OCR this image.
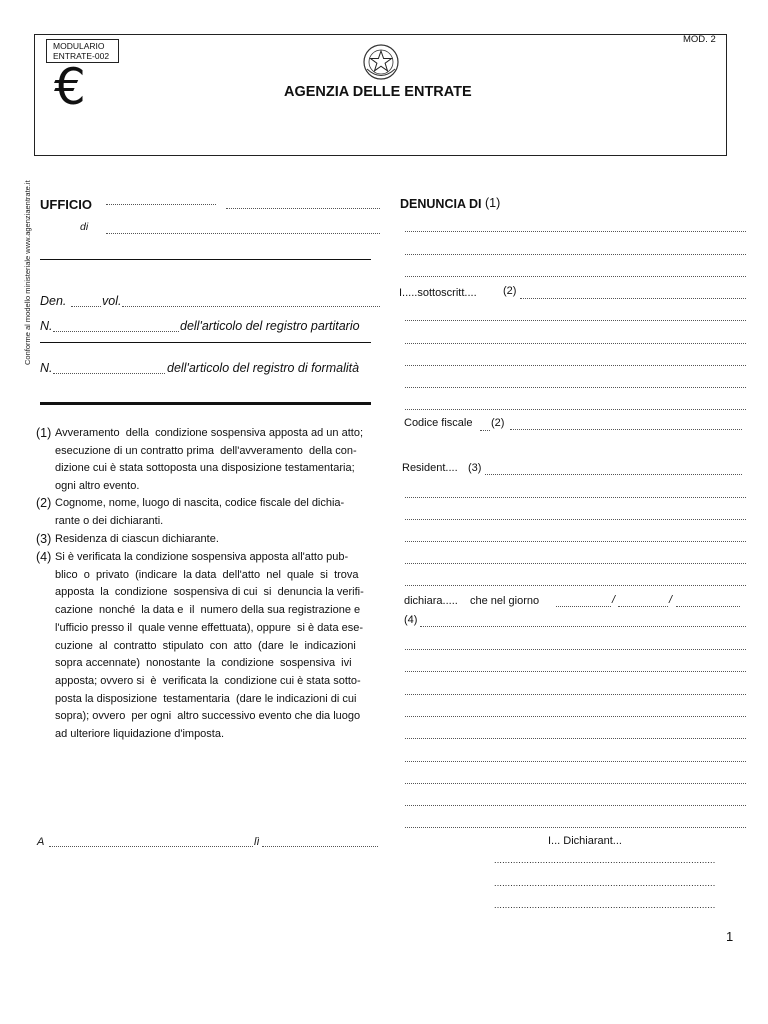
MODULARIO
ENTRATE-002
MOD. 2
€	AGENZIA DELLE ENTRATE
Conforme al modello ministeriale www.agenziaentrate.it UFFICIO
di
Den.	vol.
N.	dell'articolo del registro partitario
N.	dell'articolo del registro di formalità
(1) Avveramento  della  condizione sospensiva apposta ad un atto;
esecuzione di un contratto prima  dell'avveramento  della con-
dizione cui è stata sottoposta una disposizione testamentaria;
ogni altro evento.
(2) Cognome, nome, luogo di nascita, codice fiscale del dichia-
rante o dei dichiaranti.
(3) Residenza di ciascun dichiarante.
(4) Si è verificata la condizione sospensiva apposta all'atto pub-
blico  o  privato  (indicare  la data  dell'atto  nel  quale  si  trova
apposta  la  condizione  sospensiva di cui  si  denuncia la verifi-
cazione  nonché  la data e  il  numero della sua registrazione e
l'ufficio presso il  quale venne effettuata), oppure  si è data ese-
cuzione  al  contratto  stipulato  con  atto  (dare  le  indicazioni
sopra accennate)  nonostante  la  condizione  sospensiva  ivi
apposta; ovvero si  è  verificata la  condizione cui è stata sotto-
posta la disposizione  testamentaria  (dare le indicazioni di cui
sopra); ovvero  per ogni  altro successivo evento che dia luogo
ad ulteriore liquidazione d'imposta.
A	lì
DENUNCIA DI (1)
I.....sottoscritt.... (2)
Codice fiscale (2)
Resident.... (3)
dichiara..... che nel giorno	/	/
(4)
I... Dichiarant...
..................................................................................
..................................................................................
..................................................................................
1
